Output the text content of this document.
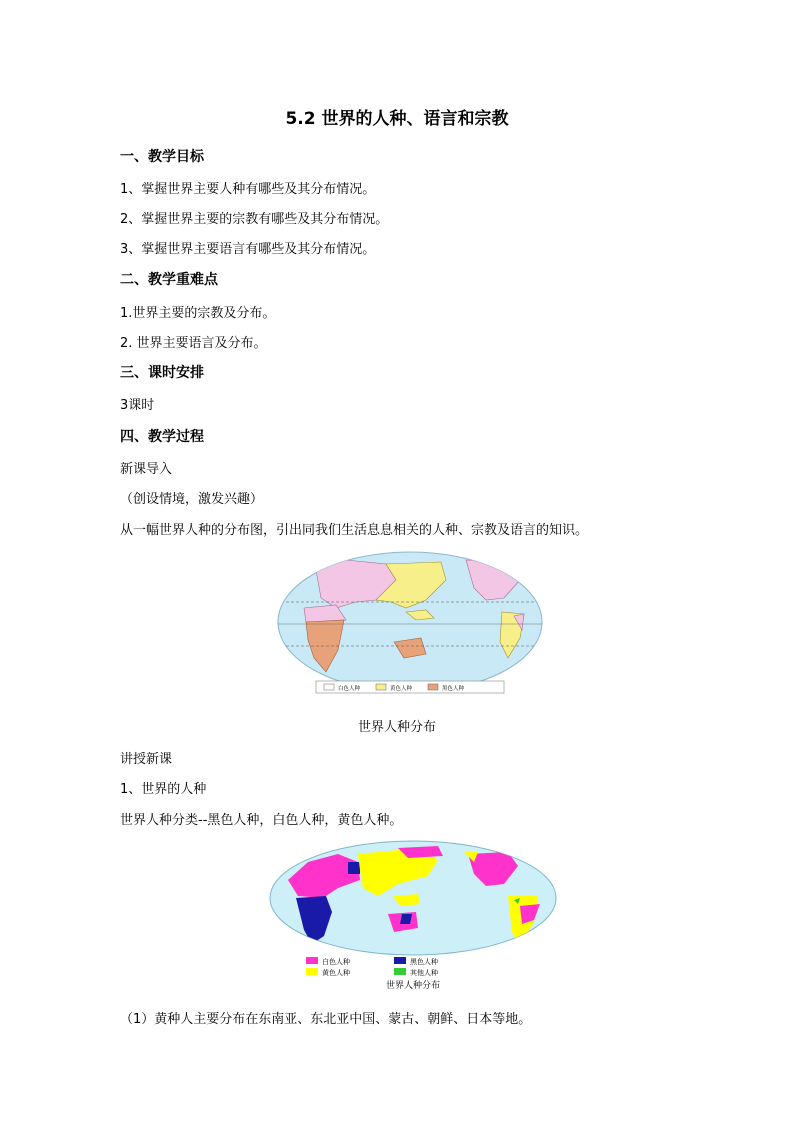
5.2 世界的人种、语言和宗教
一、教学目标
1、掌握世界主要人种有哪些及其分布情况。
2、掌握世界主要的宗教有哪些及其分布情况。
3、掌握世界主要语言有哪些及其分布情况。
二、教学重难点
1.世界主要的宗教及分布。
2. 世界主要语言及分布。
三、课时安排
3课时
四、教学过程
新课导入
（创设情境，激发兴趣）
从一幅世界人种的分布图，引出同我们生活息息相关的人种、宗教及语言的知识。
白色人种	黄色人种	黑色人种
世界人种分布
讲授新课
1、世界的人种
世界人种分类--黑色人种，白色人种，黄色人种。
白色人种	黑色人种
黄色人种	其他人种
世界人种分布
（1）黄种人主要分布在东南亚、东北亚中国、蒙古、朝鲜、日本等地。
